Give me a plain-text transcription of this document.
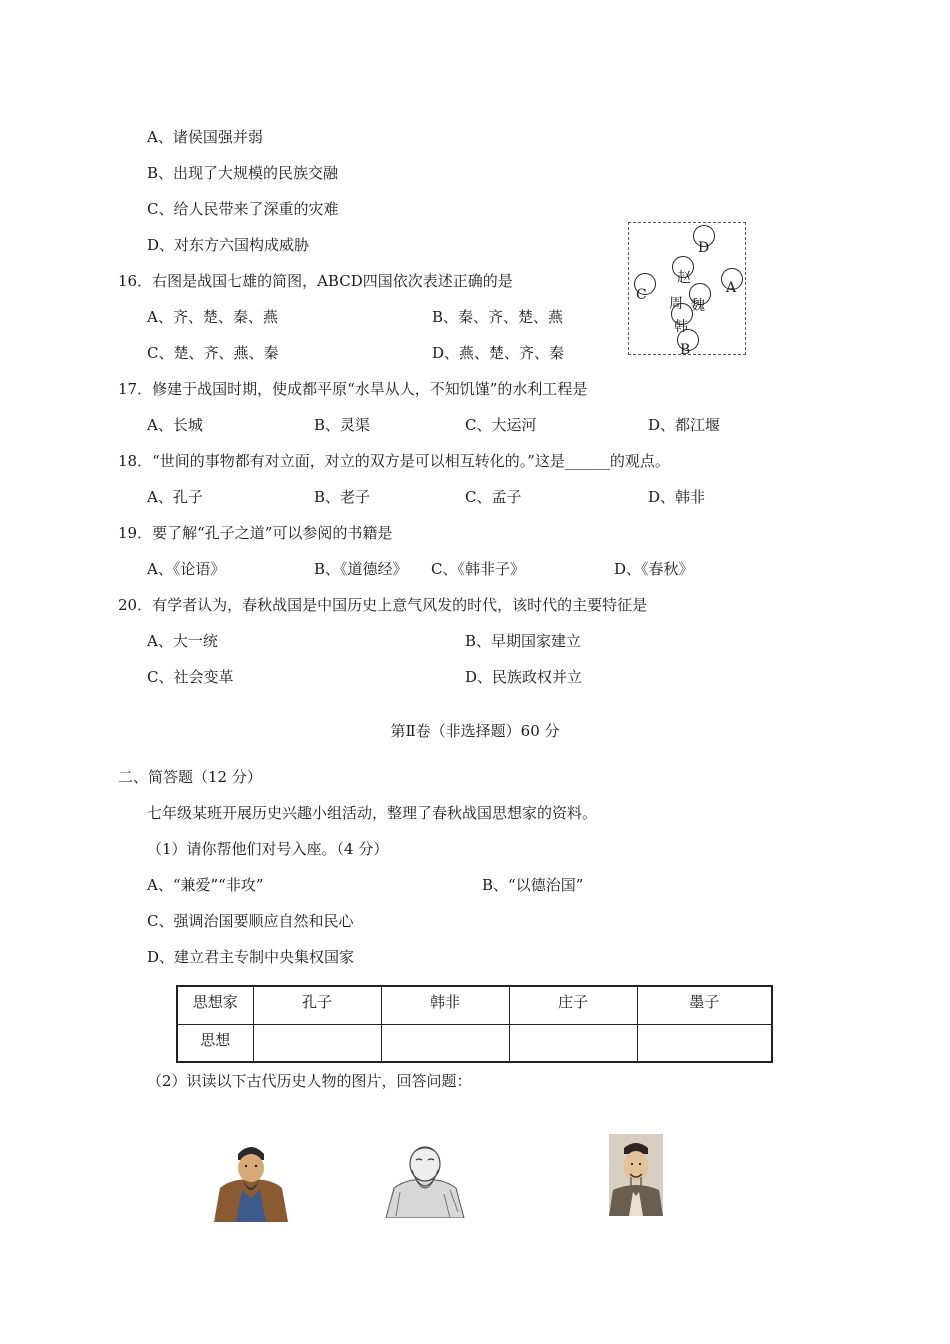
A、诸侯国强并弱
B、出现了大规模的民族交融
C、给人民带来了深重的灾难
D、对东方六国构成威胁
16．右图是战国七雄的简图，ABCD四国依次表述正确的是
A、齐、楚、秦、燕	B、秦、齐、楚、燕
C、楚、齐、燕、秦	D、燕、楚、齐、秦
D
赵
A
C
周 魏
韩
B
17．修建于战国时期，使成都平原“水旱从人，不知饥馑”的水利工程是
A、长城	B、灵渠	C、大运河	D、都江堰
18．“世间的事物都有对立面，对立的双方是可以相互转化的。”这是______的观点。
A、孔子	B、老子	C、孟子	D、韩非
19．要了解“孔子之道”可以参阅的书籍是
A、《论语》	B、《道德经》 C、《韩非子》	D、《春秋》
20．有学者认为，春秋战国是中国历史上意气风发的时代，该时代的主要特征是
A、大一统	B、早期国家建立
C、社会变革	D、民族政权并立
第Ⅱ卷（非选择题）60 分
二、简答题（12 分）
七年级某班开展历史兴趣小组活动，整理了春秋战国思想家的资料。
（1）请你帮他们对号入座。（4 分）
A、“兼爱”“非攻”	B、“以德治国”
C、强调治国要顺应自然和民心
D、建立君主专制中央集权国家
思想家	孔子	韩非	庄子	墨子
思想				
（2）识读以下古代历史人物的图片，回答问题：
